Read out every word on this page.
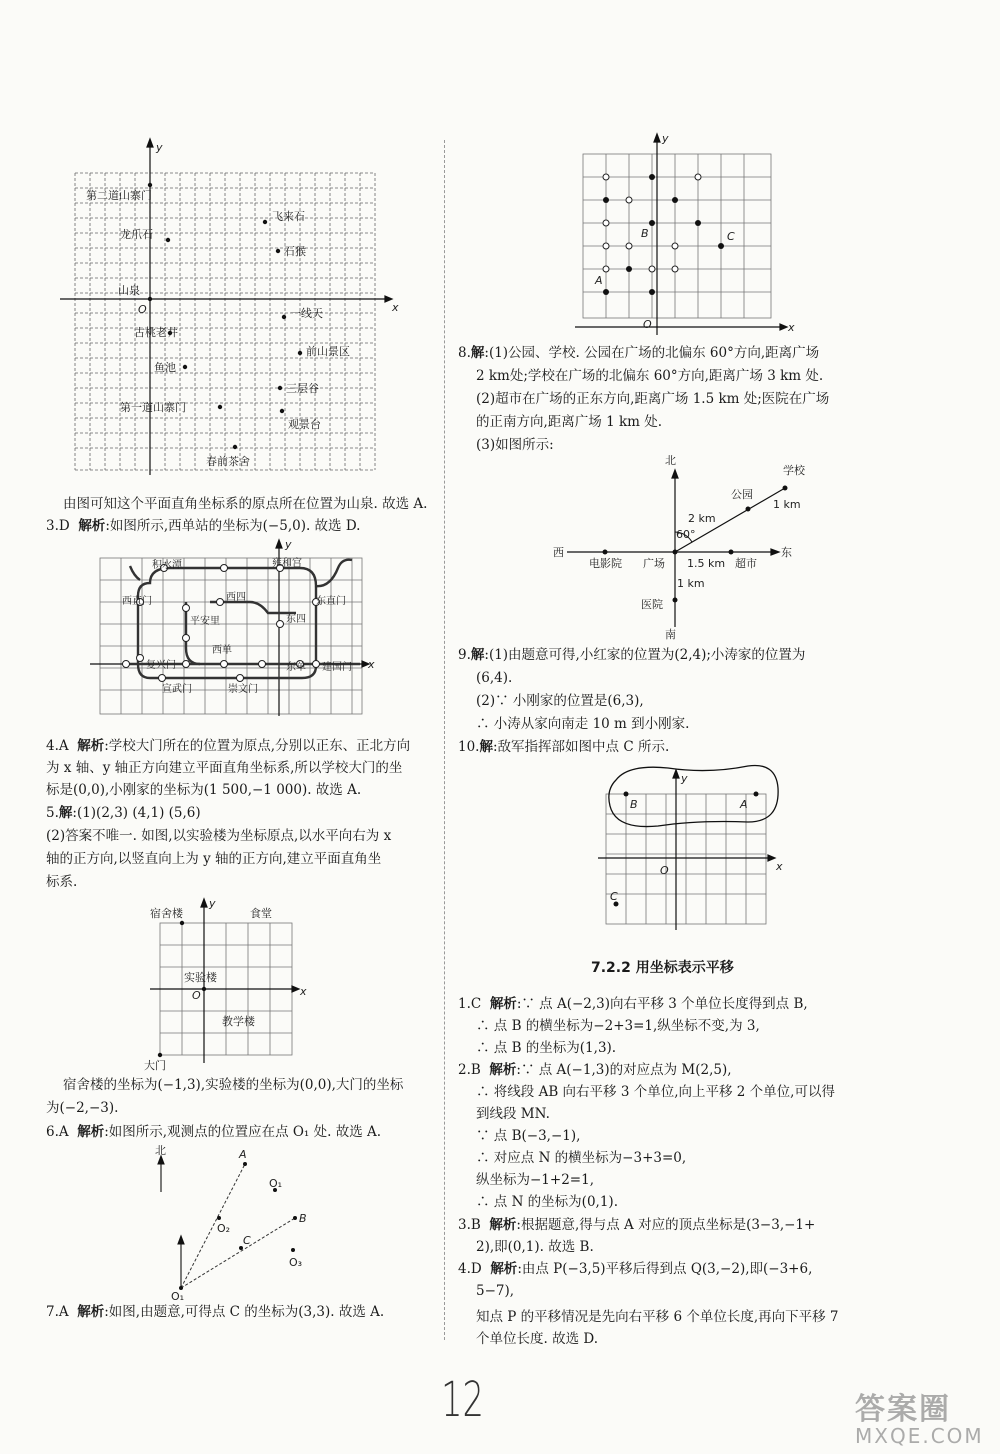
x
y
O
第二道山寨门
飞来石
龙爪石
石猴
山泉
一线天
古桃老井
前山景区
鱼池
三层谷
第一道山寨门
观景台
春前茶舍
由图可知这个平面直角坐标系的原点所在位置为山泉. 故选 A.
3.D 解析:如图所示,西单站的坐标为(−5,0). 故选 D.
积水潭	雍和宫
西直门	西四	东直门
平安里	东四
复兴门
西单
东单 建国门
宣武门	崇文门
x
y
4.A 解析:学校大门所在的位置为原点,分别以正东、正北方向
为 x 轴、y 轴正方向建立平面直角坐标系,所以学校大门的坐
标是(0,0),小刚家的坐标为(1 500,−1 000). 故选 A.
5.解:(1)(2,3) (4,1) (5,6)
(2)答案不唯一. 如图,以实验楼为坐标原点,以水平向右为 x
轴的正方向,以竖直向上为 y 轴的正方向,建立平面直角坐
标系.
x
y
O
宿舍楼	食堂
实验楼
教学楼
大门
宿舍楼的坐标为(−1,3),实验楼的坐标为(0,0),大门的坐标
为(−2,−3).
6.A 解析:如图所示,观测点的位置应在点 O₁ 处. 故选 A.
北	A
O₁
O₂
B
C
O₃
O₁
7.A 解析:如图,由题意,可得点 C 的坐标为(3,3). 故选 A.
x
y
O
B	C
A
8.解:(1)公园、学校. 公园在广场的北偏东 60°方向,距离广场
2 km处;学校在广场的北偏东 60°方向,距离广场 3 km 处.
(2)超市在广场的正东方向,距离广场 1.5 km 处;医院在广场
的正南方向,距离广场 1 km 处.
(3)如图所示:
北
学校
公园
1 km
2 km
60°
西
电影院 广场 1.5 km 超市
东
1 km
医院
南
9.解:(1)由题意可得,小红家的位置为(2,4);小涛家的位置为
(6,4).
(2)∵ 小刚家的位置是(6,3),
∴ 小涛从家向南走 10 m 到小刚家.
10.解:敌军指挥部如图中点 C 所示.
x
y
O
B	A
C
7.2.2 用坐标表示平移
1.C 解析:∵ 点 A(−2,3)向右平移 3 个单位长度得到点 B,
∴ 点 B 的横坐标为−2+3=1,纵坐标不变,为 3,
∴ 点 B 的坐标为(1,3).
2.B 解析:∵ 点 A(−1,3)的对应点为 M(2,5),
∴ 将线段 AB 向右平移 3 个单位,向上平移 2 个单位,可以得
到线段 MN.
∵ 点 B(−3,−1),
∴ 对应点 N 的横坐标为−3+3=0,
纵坐标为−1+2=1,
∴ 点 N 的坐标为(0,1).
3.B 解析:根据题意,得与点 A 对应的顶点坐标是(3−3,−1+
2),即(0,1). 故选 B.
4.D 解析:由点 P(−3,5)平移后得到点 Q(3,−2),即(−3+6,
5−7),
知点 P 的平移情况是先向右平移 6 个单位长度,再向下平移 7
个单位长度. 故选 D.
12	答案圈
MXQE.COM
